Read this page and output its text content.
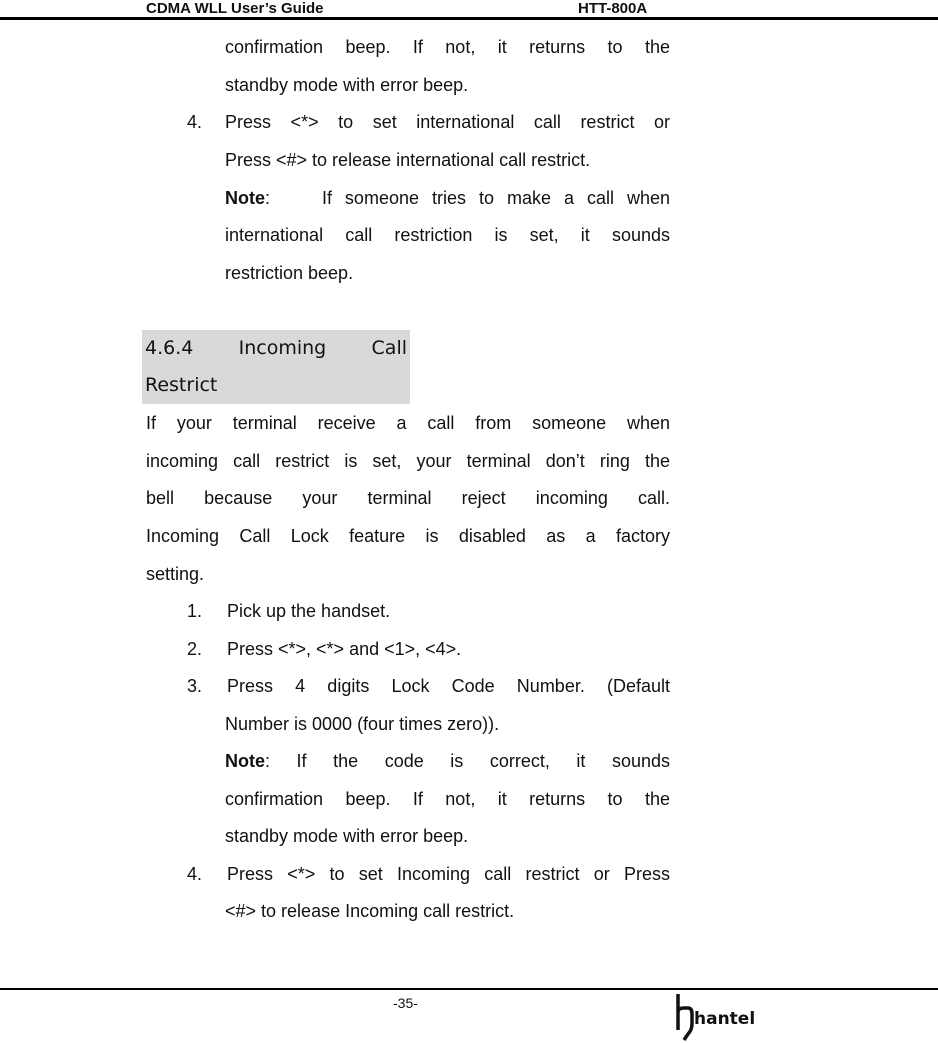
CDMA WLL User’s Guide	HTT-800A
confirmation beep. If not, it returns to the
standby mode with error beep.
4. Press <*> to set international call restrict or
Press <#> to release international call restrict.
Note :    If someone tries to make a call when
international call restriction is set, it sounds
restriction beep.
4.6.4 Incoming Call
Restrict
If your terminal receive a call from someone when
incoming call restrict is set, your terminal don’t ring the
bell because your terminal reject incoming call.
Incoming Call Lock feature is disabled as a factory
setting.
1. Pick up the handset.
2. Press <*>, <*> and <1>, <4>.
3. Press 4 digits Lock Code Number. (Default
Number is 0000 (four times zero)).
Note : If the code is correct, it sounds
confirmation beep. If not, it returns to the
standby mode with error beep.
4. Press <*> to set Incoming call restrict or Press
<#> to release Incoming call restrict.
-35-
hantel
